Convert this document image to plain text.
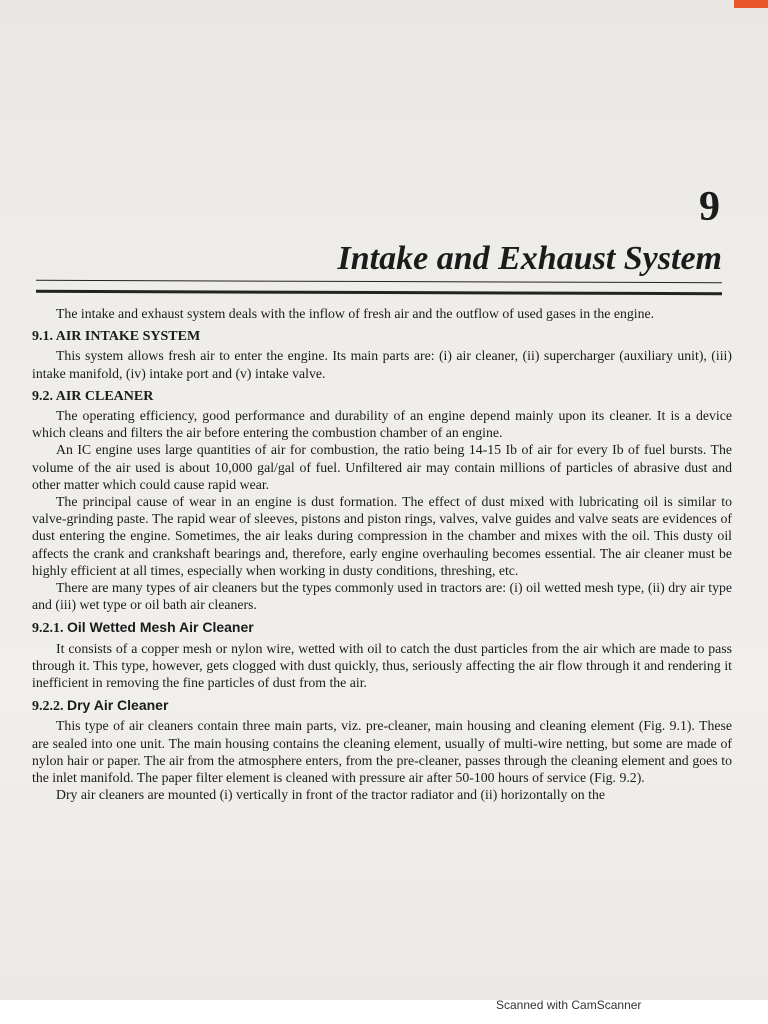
9
Intake and Exhaust System

The intake and exhaust system deals with the inflow of fresh air and the outflow of used gases in the engine.

9.1. AIR INTAKE SYSTEM

This system allows fresh air to enter the engine. Its main parts are: (i) air cleaner, (ii) supercharger (auxiliary unit), (iii) intake manifold, (iv) intake port and (v) intake valve.

9.2. AIR CLEANER

The operating efficiency, good performance and durability of an engine depend mainly upon its cleaner. It is a device which cleans and filters the air before entering the combustion chamber of an engine.

An IC engine uses large quantities of air for combustion, the ratio being 14-15 Ib of air for every Ib of fuel bursts. The volume of the air used is about 10,000 gal/gal of fuel. Unfiltered air may contain millions of particles of abrasive dust and other matter which could cause rapid wear.

The principal cause of wear in an engine is dust formation. The effect of dust mixed with lubricating oil is similar to valve-grinding paste. The rapid wear of sleeves, pistons and piston rings, valves, valve guides and valve seats are evidences of dust entering the engine. Sometimes, the air leaks during compression in the chamber and mixes with the oil. This dusty oil affects the crank and crankshaft bearings and, therefore, early engine overhauling becomes essential. The air cleaner must be highly efficient at all times, especially when working in dusty conditions, threshing, etc.

There are many types of air cleaners but the types commonly used in tractors are: (i) oil wetted mesh type, (ii) dry air type and (iii) wet type or oil bath air cleaners.

9.2.1. Oil Wetted Mesh Air Cleaner

It consists of a copper mesh or nylon wire, wetted with oil to catch the dust particles from the air which are made to pass through it. This type, however, gets clogged with dust quickly, thus, seriously affecting the air flow through it and rendering it inefficient in removing the fine particles of dust from the air.

9.2.2. Dry Air Cleaner

This type of air cleaners contain three main parts, viz. pre-cleaner, main housing and cleaning element (Fig. 9.1). These are sealed into one unit. The main housing contains the cleaning element, usually of multi-wire netting, but some are made of nylon hair or paper. The air from the atmosphere enters, from the pre-cleaner, passes through the cleaning element and goes to the inlet manifold. The paper filter element is cleaned with pressure air after 50-100 hours of service (Fig. 9.2).

Dry air cleaners are mounted (i) vertically in front of the tractor radiator and (ii) horizontally on the

Scanned with CamScanner
